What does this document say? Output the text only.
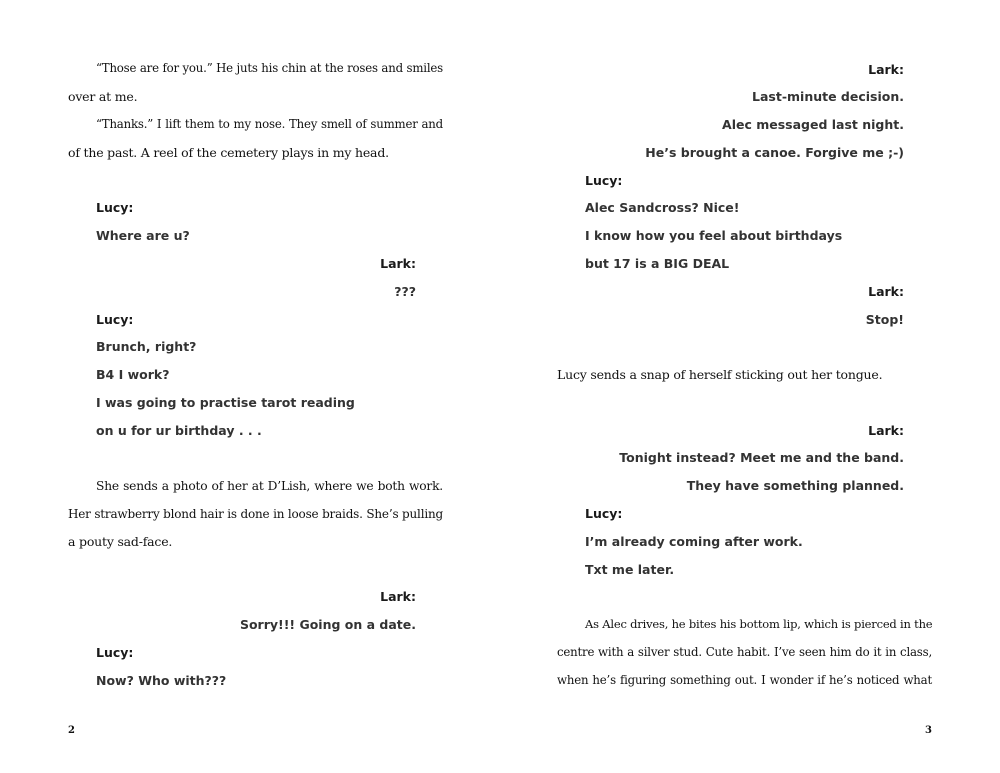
“Those are for you.” He juts his chin at the roses and smiles
over at me.
“Thanks.” I lift them to my nose. They smell of summer and
of the past. A reel of the cemetery plays in my head.
Lucy:
Where are u?
Lark:
???
Lucy:
Brunch, right?
B4 I work?
I was going to practise tarot reading
on u for ur birthday . . .
She sends a photo of her at D’Lish, where we both work.
Her strawberry blond hair is done in loose braids. She’s pulling
a pouty sad-face.
Lark:
Sorry!!! Going on a date.
Lucy:
Now? Who with???
2
Lark:
Last-minute decision.
Alec messaged last night.
He’s brought a canoe. Forgive me ;-)
Lucy:
Alec Sandcross? Nice!
I know how you feel about birthdays
but 17 is a BIG DEAL
Lark:
Stop!
Lucy sends a snap of herself sticking out her tongue.
Lark:
Tonight instead? Meet me and the band.
They have something planned.
Lucy:
I’m already coming after work.
Txt me later.
As Alec drives, he bites his bottom lip, which is pierced in the
centre with a silver stud. Cute habit. I’ve seen him do it in class,
when he’s figuring something out. I wonder if he’s noticed what
3
